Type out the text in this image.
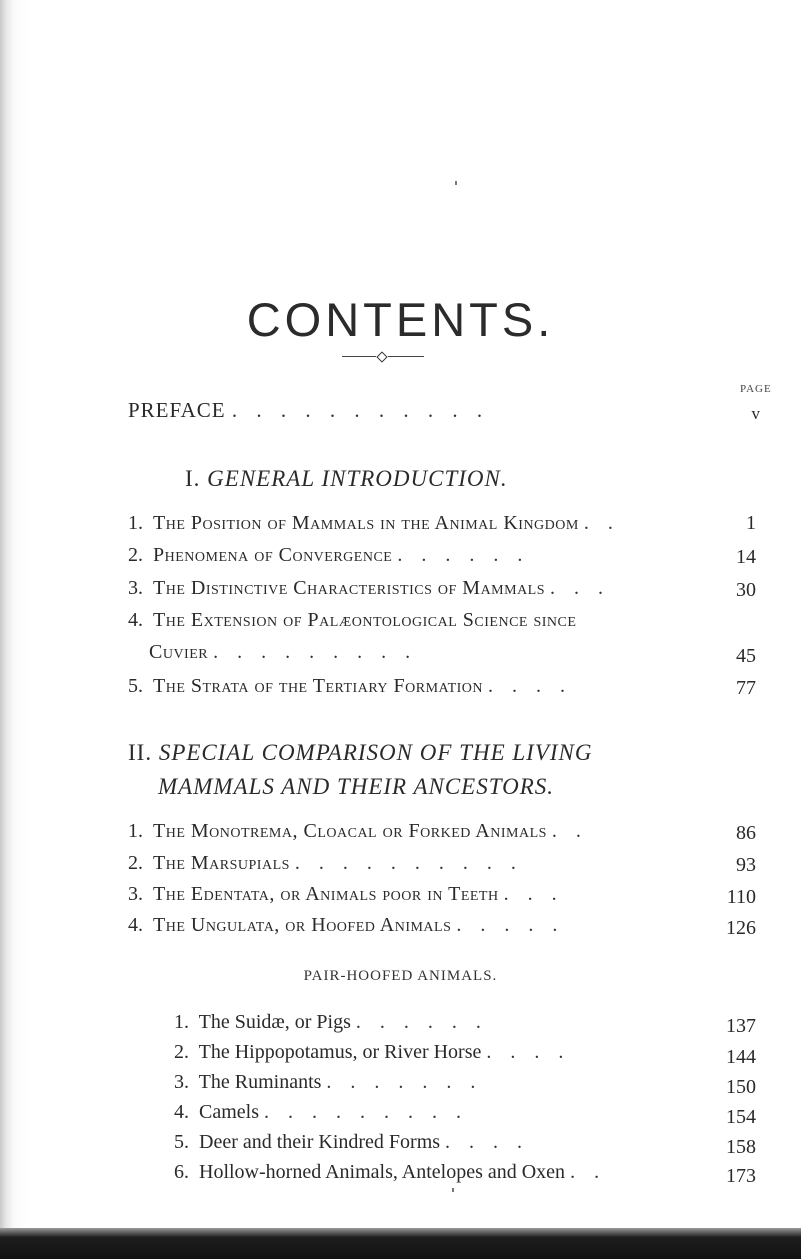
CONTENTS.
PAGE
PREFACE . . . . . . . . . . .	v
I. GENERAL INTRODUCTION.
1. The Position of Mammals in the Animal Kingdom . .	1
2. Phenomena of Convergence . . . . . .	14
3. The Distinctive Characteristics of Mammals . . .	30
4. The Extension of Palæontological Science since
Cuvier . . . . . . . . .	45
5. The Strata of the Tertiary Formation . . . .	77
II. SPECIAL COMPARISON OF THE LIVING
MAMMALS AND THEIR ANCESTORS.
1. The Monotrema, Cloacal or Forked Animals . .	86
2. The Marsupials . . . . . . . . . .	93
3. The Edentata, or Animals poor in Teeth . . .	110
4. The Ungulata, or Hoofed Animals . . . . .	126
PAIR-HOOFED ANIMALS.
1. The Suidæ, or Pigs . . . . . .	137
2. The Hippopotamus, or River Horse . . . .	144
3. The Ruminants . . . . . . .	150
4. Camels . . . . . . . . .	154
5. Deer and their Kindred Forms . . . .	158
6. Hollow-horned Animals, Antelopes and Oxen . .	173
